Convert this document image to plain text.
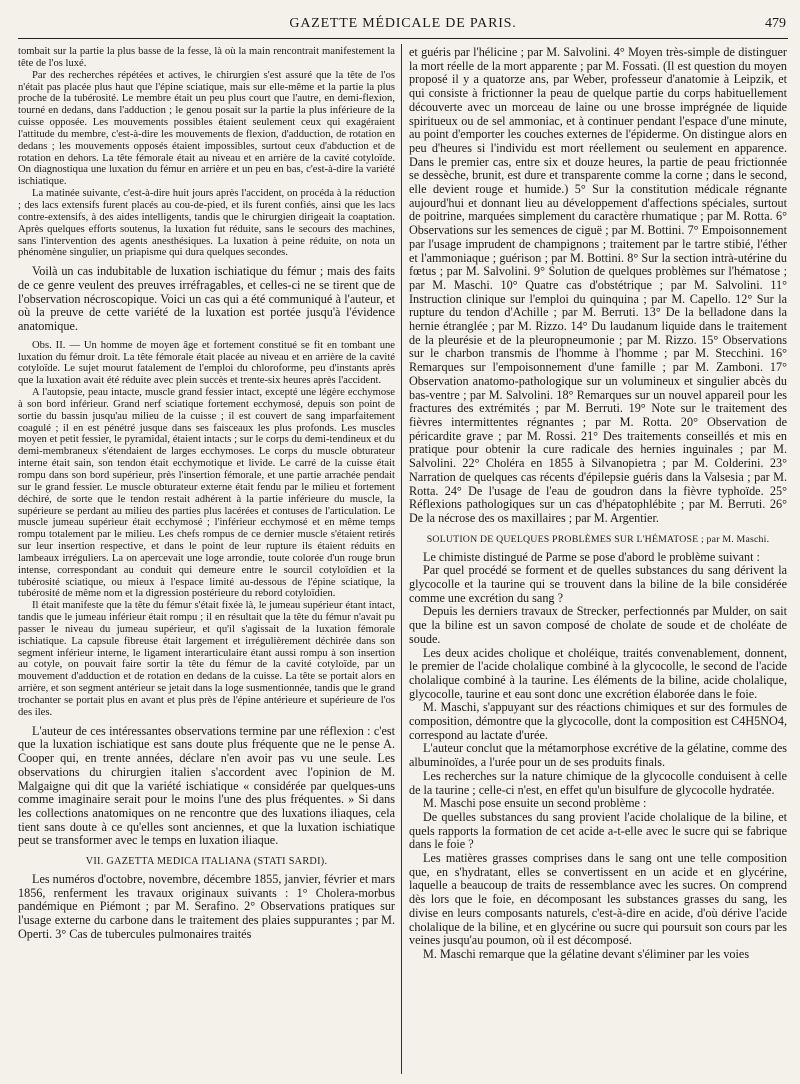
GAZETTE MÉDICALE DE PARIS.	479

tombait sur la partie la plus basse de la fesse, là où la main rencontrait manifestement la tête de l'os luxé.

Par des recherches répétées et actives, le chirurgien s'est assuré que la tête de l'os n'était pas placée plus haut que l'épine sciatique, mais sur elle-même et la partie la plus proche de la tubérosité. Le membre était un peu plus court que l'autre, en demi-flexion, tourné en dedans, dans l'adduction ; le genou posait sur la partie la plus inférieure de la cuisse opposée. Les mouvements possibles étaient seulement ceux qui exagéraient l'attitude du membre, c'est-à-dire les mouvements de flexion, d'adduction, de rotation en dedans ; les mouvements opposés étaient impossibles, surtout ceux d'abduction et de rotation en dehors. La tête fémorale était au niveau et en arrière de la cavité cotyloïde. On diagnostiqua une luxation du fémur en arrière et un peu en bas, c'est-à-dire la variété ischiatique.

La matinée suivante, c'est-à-dire huit jours après l'accident, on procéda à la réduction ; des lacs extensifs furent placés au cou-de-pied, et ils furent confiés, ainsi que les lacs contre-extensifs, à des aides intelligents, tandis que le chirurgien dirigeait la coaptation. Après quelques efforts soutenus, la luxation fut réduite, sans le secours des machines, sans l'intervention des agents anesthésiques. La luxation à peine réduite, on nota un phénomène singulier, un priapisme qui dura quelques secondes.

Voilà un cas indubitable de luxation ischiatique du fémur ; mais des faits de ce genre veulent des preuves irréfragables, et celles-ci ne se tirent que de l'observation nécroscopique. Voici un cas qui a été communiqué à l'auteur, et où la preuve de cette variété de la luxation est portée jusqu'à l'évidence anatomique.

Obs. II. — Un homme de moyen âge et fortement constitué se fit en tombant une luxation du fémur droit. La tête fémorale était placée au niveau et en arrière de la cavité cotyloïde. Le sujet mourut fatalement de l'emploi du chloroforme, peu d'instants après que la luxation avait été réduite avec plein succès et trente-six heures après l'accident.

A l'autopsie, peau intacte, muscle grand fessier intact, excepté une légère ecchymose à son bord inférieur. Grand nerf sciatique fortement ecchymosé, depuis son point de sortie du bassin jusqu'au milieu de la cuisse ; il est couvert de sang imparfaitement coagulé ; il en est pénétré jusque dans ses faisceaux les plus profonds. Les muscles moyen et petit fessier, le pyramidal, étaient intacts ; sur le corps du demi-tendineux et du demi-membraneux s'étendaient de larges ecchymoses. Le corps du muscle obturateur interne était sain, son tendon était ecchymotique et livide. Le carré de la cuisse était rompu dans son bord supérieur, près l'insertion fémorale, et une partie arrachée pendait sur le grand fessier. Le muscle obturateur externe était fendu par le milieu et fortement déchiré, de sorte que le tendon restait adhérent à la partie inférieure du muscle, la supérieure se perdant au milieu des parties plus lacérées et contuses de l'articulation. Le muscle jumeau supérieur était ecchymosé ; l'inférieur ecchymosé et en même temps rompu totalement par le milieu. Les chefs rompus de ce dernier muscle s'étaient retirés sur leur insertion respective, et dans le point de leur rupture ils étaient réduits en lambeaux irréguliers. La on apercevait une loge arrondie, toute colorée d'un rouge brun intense, correspondant au conduit qui demeure entre le sourcil cotyloïdien et la tubérosité sciatique, ou mieux à l'espace limité au-dessous de l'épine sciatique, la tubérosité de même nom et la digression postérieure du rebord cotyloïdien.

Il était manifeste que la tête du fémur s'était fixée là, le jumeau supérieur étant intact, tandis que le jumeau inférieur était rompu ; il en résultait que la tête du fémur n'avait pu passer le niveau du jumeau supérieur, et qu'il s'agissait de la luxation fémorale ischiatique. La capsule fibreuse était largement et irrégulièrement déchirée dans son segment inférieur interne, le ligament interarticulaire étant aussi rompu à son insertion au cotyle, on pouvait faire sortir la tête du fémur de la cavité cotyloïde, par un mouvement d'adduction et de rotation en dedans de la cuisse. La tête se portait alors en arrière, et son segment antérieur se jetait dans la loge susmentionnée, tandis que le grand trochanter se portait plus en avant et plus près de l'épine antérieure et supérieure de l'os des iles.

L'auteur de ces intéressantes observations termine par une réflexion : c'est que la luxation ischiatique est sans doute plus fréquente que ne le pense A. Cooper qui, en trente années, déclare n'en avoir pas vu une seule. Les observations du chirurgien italien s'accordent avec l'opinion de M. Malgaigne qui dit que la variété ischiatique « considérée par quelques-uns comme imaginaire serait pour le moins l'une des plus fréquentes. » Si dans les collections anatomiques on ne rencontre que des luxations iliaques, cela tient sans doute à ce qu'elles sont anciennes, et que la luxation ischiatique peut se transformer avec le temps en luxation iliaque.

VII. GAZETTA MEDICA ITALIANA (STATI SARDI).

Les numéros d'octobre, novembre, décembre 1855, janvier, février et mars 1856, renferment les travaux originaux suivants : 1° Cholera-morbus pandémique en Piémont ; par M. Serafino. 2° Observations pratiques sur l'usage externe du carbone dans le traitement des plaies suppurantes ; par M. Operti. 3° Cas de tubercules pulmonaires traités

et guéris par l'hélicine ; par M. Salvolini. 4° Moyen très-simple de distinguer la mort réelle de la mort apparente ; par M. Fossati. (Il est question du moyen proposé il y a quatorze ans, par Weber, professeur d'anatomie à Leipzik, et qui consiste à frictionner la peau de quelque partie du corps habituellement découverte avec un morceau de laine ou une brosse imprégnée de liquide spiritueux ou de sel ammoniac, et à continuer pendant l'espace d'une minute, au point d'emporter les couches externes de l'épiderme. On distingue alors en peu d'heures si l'individu est mort réellement ou seulement en apparence. Dans le premier cas, entre six et douze heures, la partie de peau frictionnée se dessèche, brunit, est dure et transparente comme la corne ; dans le second, elle devient rouge et humide.) 5° Sur la constitution médicale régnante aujourd'hui et donnant lieu au développement d'affections spéciales, surtout de poitrine, marquées simplement du caractère rhumatique ; par M. Rotta. 6° Observations sur les semences de ciguë ; par M. Bottini. 7° Empoisonnement par l'usage imprudent de champignons ; traitement par le tartre stibié, l'éther et l'ammoniaque ; guérison ; par M. Bottini. 8° Sur la section intrà-utérine du fœtus ; par M. Salvolini. 9° Solution de quelques problèmes sur l'hématose ; par M. Maschi. 10° Quatre cas d'obstétrique ; par M. Salvolini. 11° Instruction clinique sur l'emploi du quinquina ; par M. Capello. 12° Sur la rupture du tendon d'Achille ; par M. Berruti. 13° De la belladone dans la hernie étranglée ; par M. Rizzo. 14° Du laudanum liquide dans le traitement de la pleurésie et de la pleuropneumonie ; par M. Rizzo. 15° Observations sur le charbon transmis de l'homme à l'homme ; par M. Stecchini. 16° Remarques sur l'empoisonnement d'une famille ; par M. Zamboni. 17° Observation anatomo-pathologique sur un volumineux et singulier abcès du bas-ventre ; par M. Salvolini. 18° Remarques sur un nouvel appareil pour les fractures des extrémités ; par M. Berruti. 19° Note sur le traitement des fièvres intermittentes régnantes ; par M. Rotta. 20° Observation de péricardite grave ; par M. Rossi. 21° Des traitements conseillés et mis en pratique pour obtenir la cure radicale des hernies inguinales ; par M. Salvolini. 22° Choléra en 1855 à Silvanopietra ; par M. Colderini. 23° Narration de quelques cas récents d'épilepsie guéris dans la Valsesia ; par M. Rotta. 24° De l'usage de l'eau de goudron dans la fièvre typhoïde. 25° Réflexions pathologiques sur un cas d'hépatophlébite ; par M. Berruti. 26° De la nécrose des os maxillaires ; par M. Argentier.

SOLUTION DE QUELQUES PROBLÈMES SUR L'HÉMATOSE ; par M. Maschi.

Le chimiste distingué de Parme se pose d'abord le problème suivant :

Par quel procédé se forment et de quelles substances du sang dérivent la glycocolle et la taurine qui se trouvent dans la biline de la bile considérée comme une excrétion du sang ?

Depuis les derniers travaux de Strecker, perfectionnés par Mulder, on sait que la biline est un savon composé de cholate de soude et de choléate de soude.

Les deux acides cholique et choléique, traités convenablement, donnent, le premier de l'acide cholalique combiné à la glycocolle, le second de l'acide cholalique combiné à la taurine. Les éléments de la biline, acide cholalique, glycocolle, taurine et eau sont donc une excrétion élaborée dans le foie.

M. Maschi, s'appuyant sur des réactions chimiques et sur des formules de composition, démontre que la glycocolle, dont la composition est C4H5NO4, correspond au lactate d'urée.

L'auteur conclut que la métamorphose excrétive de la gélatine, comme des albuminoïdes, a l'urée pour un de ses produits finals.

Les recherches sur la nature chimique de la glycocolle conduisent à celle de la taurine ; celle-ci n'est, en effet qu'un bisulfure de glycocolle hydratée.

M. Maschi pose ensuite un second problème :

De quelles substances du sang provient l'acide cholalique de la biline, et quels rapports la formation de cet acide a-t-elle avec le sucre qui se fabrique dans le foie ?

Les matières grasses comprises dans le sang ont une telle composition que, en s'hydratant, elles se convertissent en un acide et en glycérine, laquelle a beaucoup de traits de ressemblance avec les sucres. On comprend dès lors que le foie, en décomposant les substances grasses du sang, les divise en leurs composants naturels, c'est-à-dire en acide, d'où dérive l'acide cholalique de la biline, et en glycérine ou sucre qui poursuit son cours par les veines jusqu'au poumon, où il est décomposé.

M. Maschi remarque que la gélatine devant s'éliminer par les voies
